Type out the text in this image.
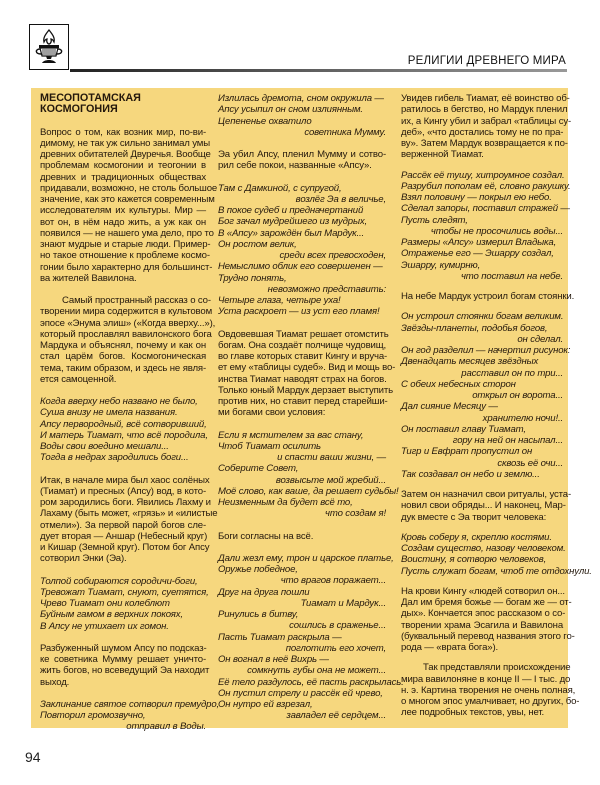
РЕЛИГИИ ДРЕВНЕГО МИРА
МЕСОПОТАМСКАЯ
КОСМОГОНИЯ
Вопрос о том, как возник мир, по-ви-
димому, не так уж сильно занимал умы
древних обитателей Двуречья. Вообще
проблемам космогонии и теогонии в
древних и традиционных обществах
придавали, возможно, не столь большое
значение, как это кажется современным
исследователям их культуры. Мир —
вот он, в нём надо жить, а уж как он
появился — не нашего ума дело, про то
знают мудрые и старые люди. Пример-
но такое отношение к проблеме космо-
гонии было характерно для большинст-
ва жителей Вавилона.
Самый пространный рассказ о со-
творении мира содержится в культовом
эпосе «Энума элиш» («Когда вверху...»),
который прославлял вавилонского бога
Мардука и объяснял, почему и как он
стал царём богов. Космогоническая
тема, таким образом, и здесь не явля-
ется самоценной.
Когда вверху небо названо не было,
Суша внизу не имела названия.
Апсу первородный, всё сотворивший,
И матерь Тиамат, что всё породила,
Воды свои воедино мешали...
Тогда в недрах зародились боги...
Итак, в начале мира был хаос солёных
(Тиамат) и пресных (Апсу) вод, в кото-
ром зародились боги. Явились Лахму и
Лахаму (быть может, «грязь» и «илистые
отмели»). За первой парой богов сле-
дует вторая — Аншар (Небесный круг)
и Кишар (Земной круг). Потом бог Апсу
сотворил Энки (Эа).
Толпой собираются сородичи-боги,
Тревожат Тиамат, снуют, суетятся,
Чрево Тиамат они колеблют
Буйным гамом в верхних покоях,
В Апсу не утихает их гомон.
Разбуженный шумом Апсу по подсказ-
ке советника Мумму решает уничто-
жить богов, но всеведущий Эа находит
выход.
Заклинание святое сотворил премудро,
Повторил громозвучно,
отправил в Воды.
Излилась дремота, сном окружила —
Апсу усыпил он сном излиянным.
Цепененье охватило
советника Мумму.
Эа убил Апсу, пленил Мумму и сотво-
рил себе покои, названные «Апсу».
Там с Дамкиной, с супругой,
возлёг Эа в величье,
В покое судеб и предначертаний
Бог зачал мудрейшего из мудрых,
В «Апсу» зарождён был Мардук...
Он ростом велик,
среди всех превосходен,
Немыслимо облик его совершенен —
Трудно понять,
невозможно представить:
Четыре глаза, четыре уха!
Уста раскроет — из уст его пламя!
Овдовевшая Тиамат решает отомстить
богам. Она создаёт полчище чудовищ,
во главе которых ставит Кингу и вруча-
ет ему «таблицы судеб». Вид и мощь во-
инства Тиамат наводят страх на богов.
Только юный Мардук дерзает выступить
против них, но ставит перед старейши-
ми богами свои условия:
Если я мстителем за вас стану,
Чтоб Тиамат осилить
и спасти ваши жизни, —
Соберите Совет,
возвысьте мой жребий...
Моё слово, как ваше, да решает судьбы!
Неизменным да будет всё то,
что создам я!
Боги согласны на всё.
Дали жезл ему, трон и царское платье,
Оружье победное,
что врагов поражает...
Друг на друга пошли
Тиамат и Мардук...
Ринулись в битву,
сошлись в сраженье...
Пасть Тиамат раскрыла —
поглотить его хочет,
Он вогнал в неё Вихрь —
сомкнуть губы она не может...
Её тело раздулось, её пасть раскрылась.
Он пустил стрелу и рассёк ей чрево,
Он нутро ей взрезал,
завладел её сердцем...
Увидев гибель Тиамат, её воинство об-
ратилось в бегство, но Мардук пленил
их, а Кингу убил и забрал «таблицы су-
деб», «что достались тому не по пра-
ву». Затем Мардук возвращается к по-
верженной Тиамат.
Рассёк её тушу, хитроумное создал.
Разрубил пополам её, словно ракушку.
Взял половину — покрыл ею небо.
Сделал запоры, поставил стражей —
Пусть следят,
чтобы не просочились воды...
Размеры «Апсу» измерил Владыка,
Отраженье его — Эшарру создал,
Эшарру, кумирню,
что поставил на небе.
На небе Мардук устроил богам стоянки.
Он устроил стоянки богам великим.
Звёзды-планеты, подобья богов,
он сделал.
Он год разделил — начертил рисунок:
Двенадцать месяцев звёздных
расставил он по три...
С обеих небесных сторон
открыл он ворота...
Дал сияние Месяцу —
хранителю ночи!..
Он поставил главу Тиамат,
гору на ней он насыпал...
Тигр и Евфрат пропустил он
сквозь её очи...
Так создавал он небо и землю...
Затем он назначил свои ритуалы, уста-
новил свои обряды... И наконец, Мар-
дук вместе с Эа творит человека:
Кровь соберу я, скреплю костями.
Создам существо, назову человеком.
Воистину, я сотворю человеков,
Пусть служат богам, чтоб те отдохнули.
На крови Кингу «людей сотворил он...
Дал им бремя божье — богам же — от-
дых». Кончается эпос рассказом о со-
творении храма Эсагила и Вавилона
(буквальный перевод названия этого го-
рода — «врата бога»).
Так представляли происхождение
мира вавилоняне в конце II — I тыс. до
н. э. Картина творения не очень полная,
о многом эпос умалчивает, но других, бо-
лее подробных текстов, увы, нет.
94
